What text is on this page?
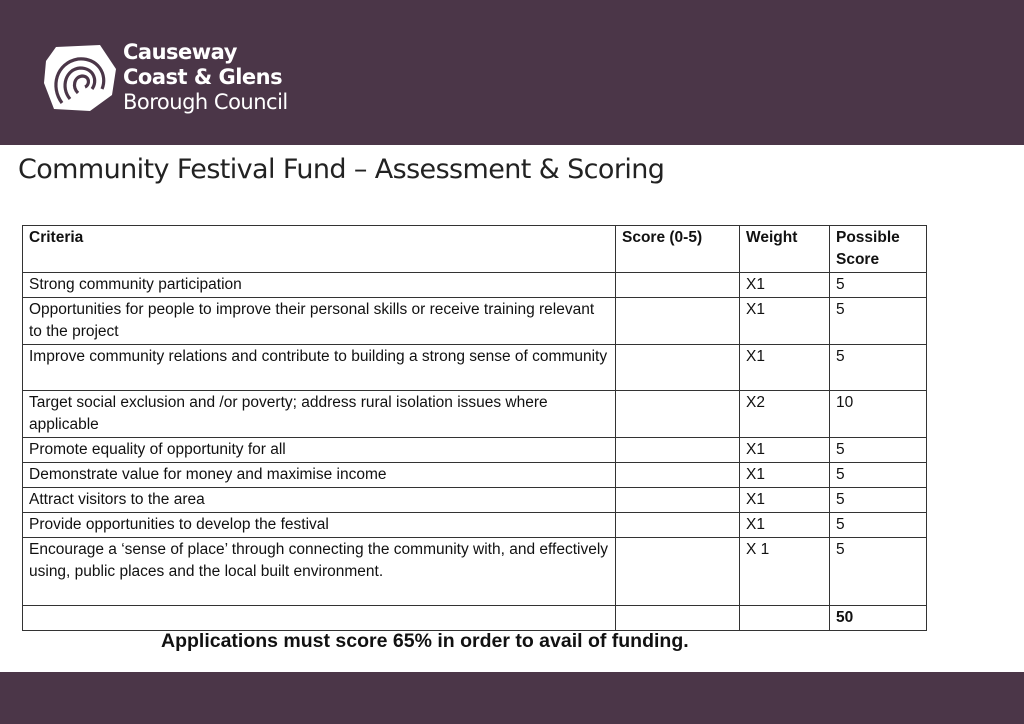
Causeway
Coast & Glens
Borough Council
Community Festival Fund – Assessment & Scoring
Criteria	Score (0-5)	Weight	Possible Score
Strong community participation		X1	5
Opportunities for people to improve their personal skills or receive training relevant to the project		X1	5
Improve community relations and contribute to building a strong sense of community		X1	5
Target social exclusion and /or poverty; address rural isolation issues where applicable		X2	10
Promote equality of opportunity for all		X1	5
Demonstrate value for money and maximise income		X1	5
Attract visitors to the area		X1	5
Provide opportunities to develop the festival		X1	5
Encourage a ‘sense of place’ through connecting the community with, and effectively using, public places and the local built environment.		X 1	5
			50
Applications must score 65% in order to avail of funding.
